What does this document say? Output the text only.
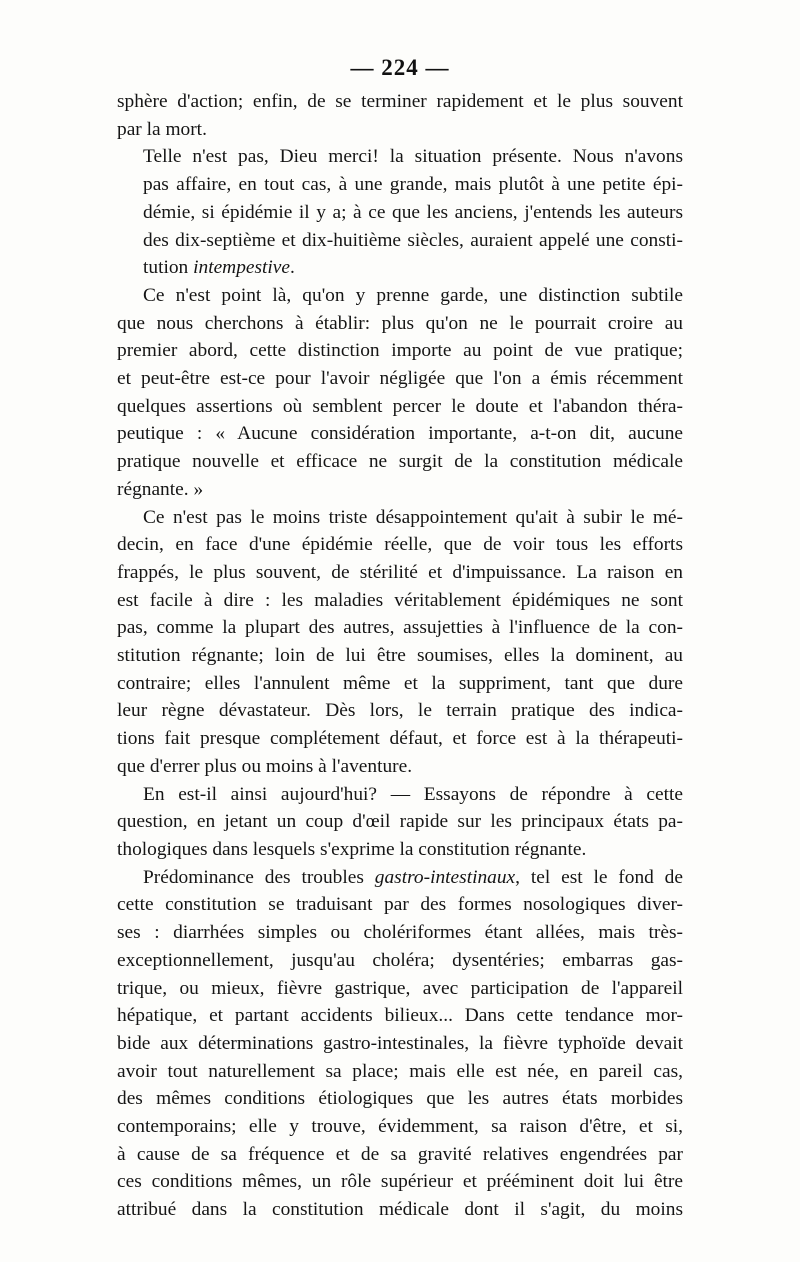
— 224 —

sphère d'action; enfin, de se terminer rapidement et le plus souvent
par la mort.

Telle n'est pas, Dieu merci! la situation présente. Nous n'avons
pas affaire, en tout cas, à une grande, mais plutôt à une petite épi-
démie, si épidémie il y a; à ce que les anciens, j'entends les auteurs
des dix-septième et dix-huitième siècles, auraient appelé une consti-
tution intempestive.

Ce n'est point là, qu'on y prenne garde, une distinction subtile
que nous cherchons à établir: plus qu'on ne le pourrait croire au
premier abord, cette distinction importe au point de vue pratique;
et peut-être est-ce pour l'avoir négligée que l'on a émis récemment
quelques assertions où semblent percer le doute et l'abandon théra-
peutique : « Aucune considération importante, a-t-on dit, aucune
pratique nouvelle et efficace ne surgit de la constitution médicale
régnante. »

Ce n'est pas le moins triste désappointement qu'ait à subir le mé-
decin, en face d'une épidémie réelle, que de voir tous les efforts
frappés, le plus souvent, de stérilité et d'impuissance. La raison en
est facile à dire : les maladies véritablement épidémiques ne sont
pas, comme la plupart des autres, assujetties à l'influence de la con-
stitution régnante; loin de lui être soumises, elles la dominent, au
contraire; elles l'annulent même et la suppriment, tant que dure
leur règne dévastateur. Dès lors, le terrain pratique des indica-
tions fait presque complétement défaut, et force est à la thérapeuti-
que d'errer plus ou moins à l'aventure.

En est-il ainsi aujourd'hui? — Essayons de répondre à cette
question, en jetant un coup d'œil rapide sur les principaux états pa-
thologiques dans lesquels s'exprime la constitution régnante.

Prédominance des troubles gastro-intestinaux, tel est le fond de
cette constitution se traduisant par des formes nosologiques diver-
ses : diarrhées simples ou cholériformes étant allées, mais très-
exceptionnellement, jusqu'au choléra; dysentéries; embarras gas-
trique, ou mieux, fièvre gastrique, avec participation de l'appareil
hépatique, et partant accidents bilieux... Dans cette tendance mor-
bide aux déterminations gastro-intestinales, la fièvre typhoïde devait
avoir tout naturellement sa place; mais elle est née, en pareil cas,
des mêmes conditions étiologiques que les autres états morbides
contemporains; elle y trouve, évidemment, sa raison d'être, et si,
à cause de sa fréquence et de sa gravité relatives engendrées par
ces conditions mêmes, un rôle supérieur et prééminent doit lui être
attribué dans la constitution médicale dont il s'agit, du moins
